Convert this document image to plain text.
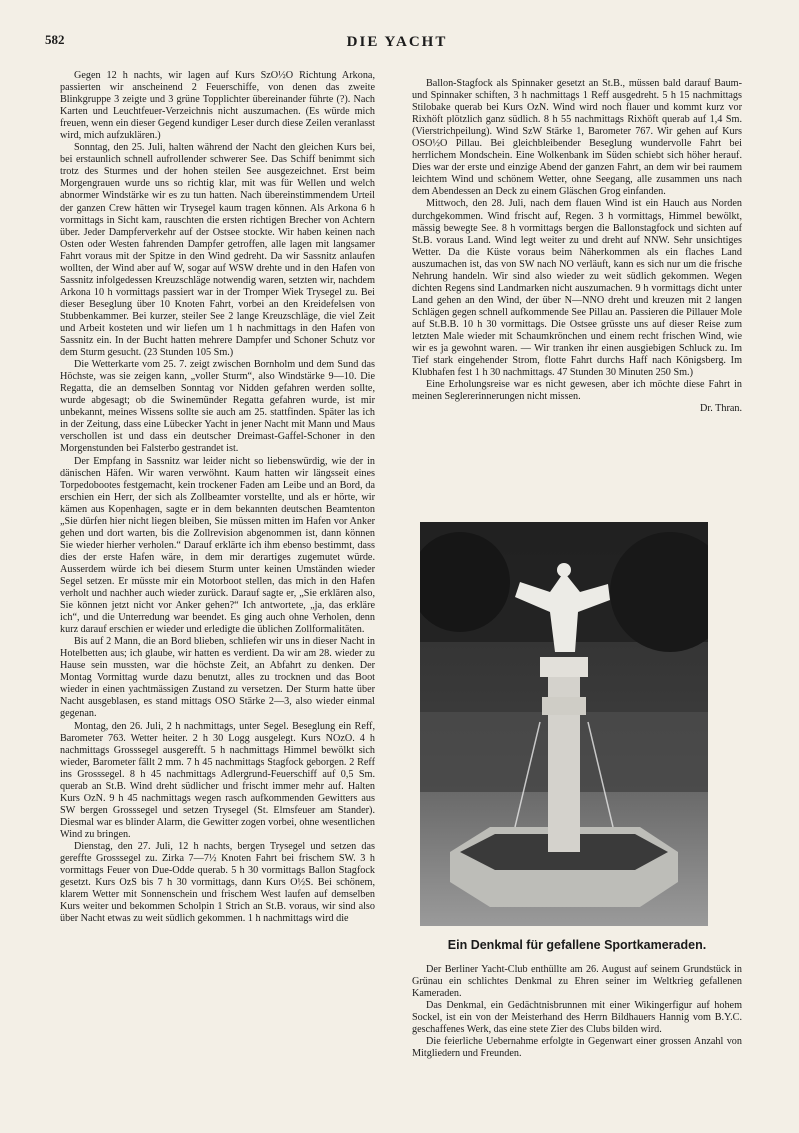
582	DIE YACHT

Gegen 12 h nachts, wir lagen auf Kurs SzO½O Richtung Arkona, passierten wir anscheinend 2 Feuerschiffe, von denen das zweite Blinkgruppe 3 zeigte und 3 grüne Topplichter übereinander führte (?). Nach Karten und Leuchtfeuer-Verzeichnis nicht auszumachen. (Es würde mich freuen, wenn ein dieser Gegend kundiger Leser durch diese Zeilen veranlasst wird, mich aufzuklären.)

Sonntag, den 25. Juli, halten während der Nacht den gleichen Kurs bei, bei erstaunlich schnell aufrollender schwerer See. Das Schiff benimmt sich trotz des Sturmes und der hohen steilen See ausgezeichnet. Erst beim Morgengrauen wurde uns so richtig klar, mit was für Wellen und welch abnormer Windstärke wir es zu tun hatten. Nach übereinstimmendem Urteil der ganzen Crew hätten wir Trysegel kaum tragen können. Als Arkona 6 h vormittags in Sicht kam, rauschten die ersten richtigen Brecher von Achtern über. Jeder Dampferverkehr auf der Ostsee stockte. Wir haben keinen nach Osten oder Westen fahrenden Dampfer getroffen, alle lagen mit langsamer Fahrt voraus mit der Spitze in den Wind gedreht. Da wir Sassnitz anlaufen wollten, der Wind aber auf W, sogar auf WSW drehte und in den Hafen von Sassnitz infolgedessen Kreuzschläge notwendig waren, setzten wir, nachdem Arkona 10 h vormittags passiert war in der Tromper Wiek Trysegel zu. Bei dieser Beseglung über 10 Knoten Fahrt, vorbei an den Kreidefelsen von Stubbenkammer. Bei kurzer, steiler See 2 lange Kreuzschläge, die viel Zeit und Arbeit kosteten und wir liefen um 1 h nachmittags in den Hafen von Sassnitz ein. In der Bucht hatten mehrere Dampfer und Schoner Schutz vor dem Sturm gesucht. (23 Stunden 105 Sm.)

Die Wetterkarte vom 25. 7. zeigt zwischen Bornholm und dem Sund das Höchste, was sie zeigen kann, „voller Sturm“, also Windstärke 9—10. Die Regatta, die an demselben Sonntag vor Nidden gefahren werden sollte, wurde abgesagt; ob die Swinemünder Regatta gefahren wurde, ist mir unbekannt, meines Wissens sollte sie auch am 25. stattfinden. Später las ich in der Zeitung, dass eine Lübecker Yacht in jener Nacht mit Mann und Maus verschollen ist und dass ein deutscher Dreimast-Gaffel-Schoner in den Morgenstunden bei Falsterbo gestrandet ist.

Der Empfang in Sassnitz war leider nicht so liebenswürdig, wie der in dänischen Häfen. Wir waren verwöhnt. Kaum hatten wir längsseit eines Torpedobootes festgemacht, kein trockener Faden am Leibe und an Bord, da erschien ein Herr, der sich als Zollbeamter vorstellte, und als er hörte, wir kämen aus Kopenhagen, sagte er in dem bekannten deutschen Beamtenton „Sie dürfen hier nicht liegen bleiben, Sie müssen mitten im Hafen vor Anker gehen und dort warten, bis die Zollrevision abgenommen ist, dann können Sie wieder hierher verholen.“ Darauf erklärte ich ihm ebenso bestimmt, dass dies der erste Hafen wäre, in dem mir derartiges zugemutet würde. Ausserdem würde ich bei diesem Sturm unter keinen Umständen wieder Segel setzen. Er müsste mir ein Motorboot stellen, das mich in den Hafen verholt und nachher auch wieder zurück. Darauf sagte er, „Sie erklären also, Sie können jetzt nicht vor Anker gehen?“ Ich antwortete, „ja, das erkläre ich“, und die Unterredung war beendet. Es ging auch ohne Verholen, denn kurz darauf erschien er wieder und erledigte die üblichen Zollformalitäten.

Bis auf 2 Mann, die an Bord blieben, schliefen wir uns in dieser Nacht in Hotelbetten aus; ich glaube, wir hatten es verdient. Da wir am 28. wieder zu Hause sein mussten, war die höchste Zeit, an Abfahrt zu denken. Der Montag Vormittag wurde dazu benutzt, alles zu trocknen und das Boot wieder in einen yachtmässigen Zustand zu versetzen. Der Sturm hatte über Nacht ausgeblasen, es stand mittags OSO Stärke 2—3, also wieder einmal gegenan.

Montag, den 26. Juli, 2 h nachmittags, unter Segel. Beseglung ein Reff, Barometer 763. Wetter heiter. 2 h 30 Logg ausgelegt. Kurs NOzO. 4 h nachmittags Grosssegel ausgerefft. 5 h nachmittags Himmel bewölkt sich wieder, Barometer fällt 2 mm. 7 h 45 nachmittags Stagfock geborgen. 2 Reff ins Grosssegel. 8 h 45 nachmittags Adlergrund-Feuerschiff auf 0,5 Sm. querab an St.B. Wind dreht südlicher und frischt immer mehr auf. Halten Kurs OzN. 9 h 45 nachmittags wegen rasch aufkommenden Gewitters aus SW bergen Grosssegel und setzen Trysegel (St. Elmsfeuer am Stander). Diesmal war es blinder Alarm, die Gewitter zogen vorbei, ohne wesentlichen Wind zu bringen.

Dienstag, den 27. Juli, 12 h nachts, bergen Trysegel und setzen das gereffte Grosssegel zu. Zirka 7—7½ Knoten Fahrt bei frischem SW. 3 h vormittags Feuer von Due-Odde querab. 5 h 30 vormittags Ballon Stagfock gesetzt. Kurs OzS bis 7 h 30 vormittags, dann Kurs O½S. Bei schönem, klarem Wetter mit Sonnenschein und frischem West laufen auf demselben Kurs weiter und bekommen Scholpin 1 Strich an St.B. voraus, wir sind also über Nacht etwas zu weit südlich gekommen. 1 h nachmittags wird die

Ballon-Stagfock als Spinnaker gesetzt an St.B., müssen bald darauf Baum- und Spinnaker schiften, 3 h nachmittags 1 Reff ausgedreht. 5 h 15 nachmittags Stilobake querab bei Kurs OzN. Wind wird noch flauer und kommt kurz vor Rixhöft plötzlich ganz südlich. 8 h 55 nachmittags Rixhöft querab auf 1,4 Sm. (Vierstrichpeilung). Wind SzW Stärke 1, Barometer 767. Wir gehen auf Kurs OSO½O Pillau. Bei gleichbleibender Beseglung wundervolle Fahrt bei herrlichem Mondschein. Eine Wolkenbank im Süden schiebt sich höher herauf. Dies war der erste und einzige Abend der ganzen Fahrt, an dem wir bei raumem leichtem Wind und schönem Wetter, ohne Seegang, alle zusammen uns nach dem Abendessen an Deck zu einem Gläschen Grog einfanden.

Mittwoch, den 28. Juli, nach dem flauen Wind ist ein Hauch aus Norden durchgekommen. Wind frischt auf, Regen. 3 h vormittags, Himmel bewölkt, mässig bewegte See. 8 h vormittags bergen die Ballonstagfock und sichten auf St.B. voraus Land. Wind legt weiter zu und dreht auf NNW. Sehr unsichtiges Wetter. Da die Küste voraus beim Näherkommen als ein flaches Land auszumachen ist, das von SW nach NO verläuft, kann es sich nur um die frische Nehrung handeln. Wir sind also wieder zu weit südlich gekommen. Wegen dichten Regens sind Landmarken nicht auszumachen. 9 h vormittags dicht unter Land gehen an den Wind, der über N—NNO dreht und kreuzen mit 2 langen Schlägen gegen schnell aufkommende See Pillau an. Passieren die Pillauer Mole auf St.B.B. 10 h 30 vormittags. Die Ostsee grüsste uns auf dieser Reise zum letzten Male wieder mit Schaumkrönchen und einem recht frischen Wind, wie wir es ja gewohnt waren. — Wir tranken ihr einen ausgiebigen Schluck zu. Im Tief stark eingehender Strom, flotte Fahrt durchs Haff nach Königsberg. Im Klubhafen fest 1 h 30 nachmittags. 47 Stunden 30 Minuten 250 Sm.)

Eine Erholungsreise war es nicht gewesen, aber ich möchte diese Fahrt in meinen Seglererinnerungen nicht missen.

Dr. Thran.
Ein Denkmal für gefallene Sportkameraden.

Der Berliner Yacht-Club enthüllte am 26. August auf seinem Grundstück in Grünau ein schlichtes Denkmal zu Ehren seiner im Weltkrieg gefallenen Kameraden.

Das Denkmal, ein Gedächtnisbrunnen mit einer Wikingerfigur auf hohem Sockel, ist ein von der Meisterhand des Herrn Bildhauers Hannig vom B.Y.C. geschaffenes Werk, das eine stete Zier des Clubs bilden wird.

Die feierliche Uebernahme erfolgte in Gegenwart einer grossen Anzahl von Mitgliedern und Freunden.
